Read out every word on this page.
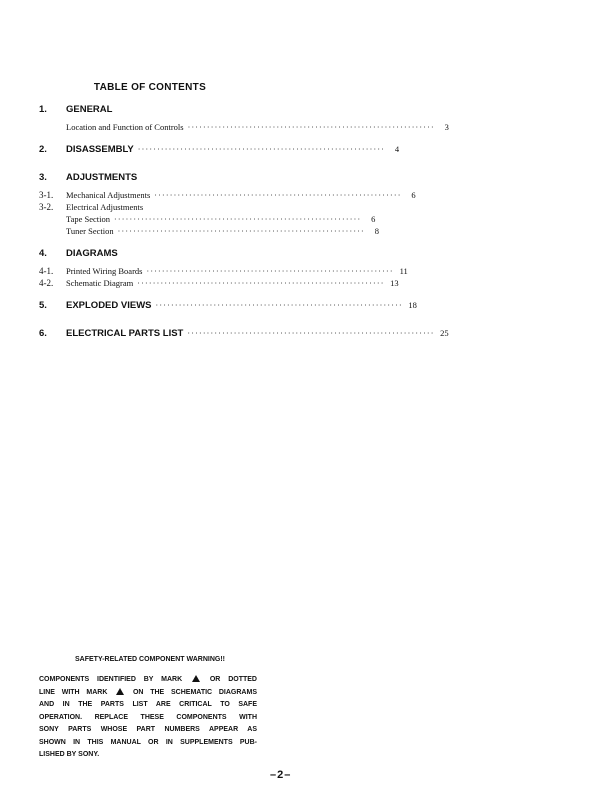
TABLE OF CONTENTS
1. GENERAL
Location and Function of Controls ································································	3
2. DISASSEMBLY ································································	4
3. ADJUSTMENTS
3-1. Mechanical Adjustments ································································	6
3-2. Electrical Adjustments
Tape Section ································································	6
Tuner Section ································································	8
4. DIAGRAMS
4-1. Printed Wiring Boards ································································ 11
4-2. Schematic Diagram ································································ 13
5. EXPLODED VIEWS ································································ 18
6. ELECTRICAL PARTS LIST ································································ 25
SAFETY-RELATED COMPONENT WARNING!!
COMPONENTS IDENTIFIED BY MARK	OR DOTTED
LINE WITH MARK	ON THE SCHEMATIC DIAGRAMS
AND IN THE PARTS LIST ARE CRITICAL TO SAFE
OPERATION. REPLACE THESE COMPONENTS WITH
SONY PARTS WHOSE PART NUMBERS APPEAR AS
SHOWN IN THIS MANUAL OR IN SUPPLEMENTS PUB-
LISHED BY SONY.
–2–
